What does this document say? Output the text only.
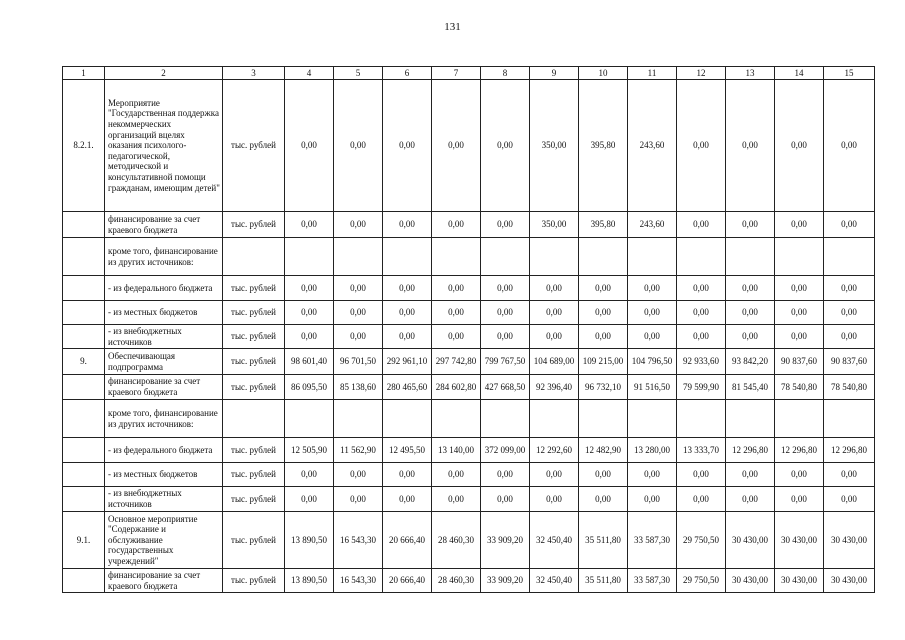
131
1	2	3	4	5	6	7	8	9	10	11	12	13	14	15
8.2.1.	Мероприятие "Государственная поддержка некоммерческих организаций вцелях оказания психолого-педагогической, методической и консультативной помощи гражданам, имеющим детей"	тыс. рублей	0,00	0,00	0,00	0,00	0,00	350,00	395,80	243,60	0,00	0,00	0,00	0,00
	финансирование за счет краевого бюджета	тыс. рублей	0,00	0,00	0,00	0,00	0,00	350,00	395,80	243,60	0,00	0,00	0,00	0,00
	кроме того, финансирование из других источников:													
	- из федерального бюджета	тыс. рублей	0,00	0,00	0,00	0,00	0,00	0,00	0,00	0,00	0,00	0,00	0,00	0,00
	- из местных бюджетов	тыс. рублей	0,00	0,00	0,00	0,00	0,00	0,00	0,00	0,00	0,00	0,00	0,00	0,00
	- из внебюджетных источников	тыс. рублей	0,00	0,00	0,00	0,00	0,00	0,00	0,00	0,00	0,00	0,00	0,00	0,00
9.	Обеспечивающая подпрограмма	тыс. рублей	98 601,40	96 701,50	292 961,10	297 742,80	799 767,50	104 689,00	109 215,00	104 796,50	92 933,60	93 842,20	90 837,60	90 837,60
	финансирование за счет краевого бюджета	тыс. рублей	86 095,50	85 138,60	280 465,60	284 602,80	427 668,50	92 396,40	96 732,10	91 516,50	79 599,90	81 545,40	78 540,80	78 540,80
	кроме того, финансирование из других источников:													
	- из федерального бюджета	тыс. рублей	12 505,90	11 562,90	12 495,50	13 140,00	372 099,00	12 292,60	12 482,90	13 280,00	13 333,70	12 296,80	12 296,80	12 296,80
	- из местных бюджетов	тыс. рублей	0,00	0,00	0,00	0,00	0,00	0,00	0,00	0,00	0,00	0,00	0,00	0,00
	- из внебюджетных источников	тыс. рублей	0,00	0,00	0,00	0,00	0,00	0,00	0,00	0,00	0,00	0,00	0,00	0,00
9.1.	Основное мероприятие "Содержание и обслуживание государственных учреждений"	тыс. рублей	13 890,50	16 543,30	20 666,40	28 460,30	33 909,20	32 450,40	35 511,80	33 587,30	29 750,50	30 430,00	30 430,00	30 430,00
	финансирование за счет краевого бюджета	тыс. рублей	13 890,50	16 543,30	20 666,40	28 460,30	33 909,20	32 450,40	35 511,80	33 587,30	29 750,50	30 430,00	30 430,00	30 430,00
